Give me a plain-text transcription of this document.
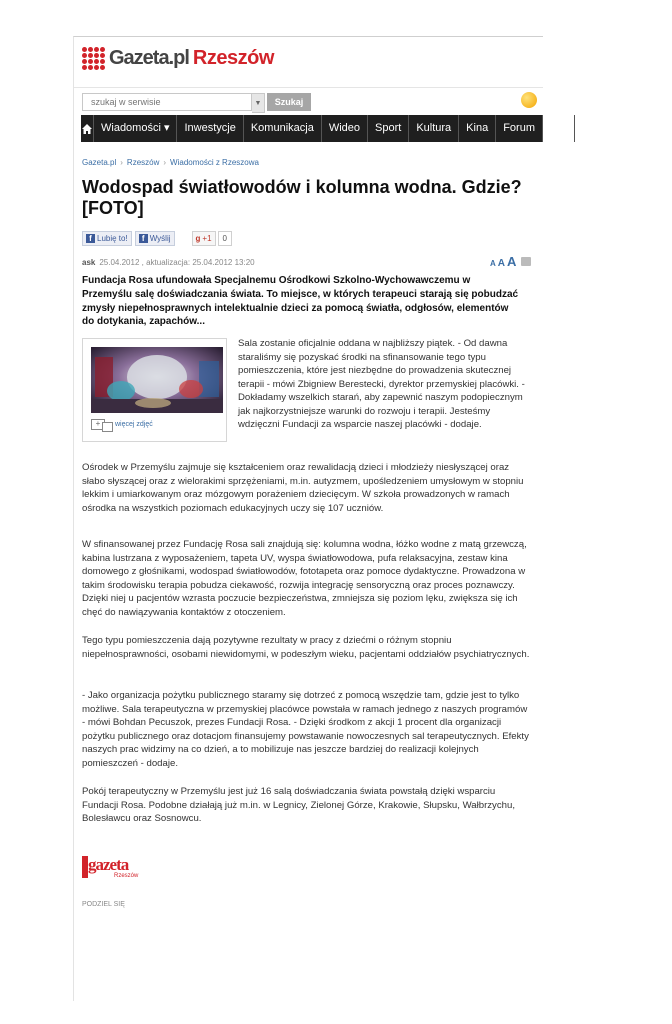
Gazeta.pl Rzeszów
szukaj w serwisie
▼	Szukaj
Wiadomości ▾	Inwestycje	Komunikacja	Wideo	Sport	Kultura	Kina	Forum	Ogł
Gazeta.pl › Rzeszów › Wiadomości z Rzeszowa
Wodospad światłowodów i kolumna wodna. Gdzie? [FOTO]
f Lubię to!	f Wyślij	g +1	0
ask 25.04.2012 , aktualizacja: 25.04.2012 13:20	A A A

Fundacja Rosa ufundowała Specjalnemu Ośrodkowi Szkolno-Wychowawczemu w Przemyślu salę doświadczania świata. To miejsce, w których terapeuci starają się pobudzać zmysły niepełnosprawnych intelektualnie dzieci za pomocą światła, odgłosów, elementów do dotykania, zapachów...

+	więcej zdjęć

Sala zostanie oficjalnie oddana w najbliższy piątek. - Od dawna staraliśmy się pozyskać środki na sfinansowanie tego typu pomieszczenia, które jest niezbędne do prowadzenia skutecznej terapii - mówi Zbigniew Berestecki, dyrektor przemyskiej placówki. - Dokładamy wszelkich starań, aby zapewnić naszym podopiecznym jak najkorzystniejsze warunki do rozwoju i terapii. Jesteśmy wdzięczni Fundacji za wsparcie naszej placówki - dodaje.

Ośrodek w Przemyślu zajmuje się kształceniem oraz rewalidacją dzieci i młodzieży niesłyszącej oraz słabo słyszącej oraz z wielorakimi sprzężeniami, m.in. autyzmem, upośledzeniem umysłowym w stopniu lekkim i umiarkowanym oraz mózgowym porażeniem dziecięcym. W szkoła prowadzonych w ramach ośrodka na wszystkich poziomach edukacyjnych uczy się 107 uczniów.

W sfinansowanej przez Fundację Rosa sali znajdują się: kolumna wodna, łóżko wodne z matą grzewczą, kabina lustrzana z wyposażeniem, tapeta UV, wyspa światłowodowa, pufa relaksacyjna, zestaw kina domowego z głośnikami, wodospad światłowodów, fototapeta oraz pomoce dydaktyczne. Prowadzona w takim środowisku terapia pobudza ciekawość, rozwija integrację sensoryczną oraz proces poznawczy. Dzięki niej u pacjentów wzrasta poczucie bezpieczeństwa, zmniejsza się poziom lęku, zwiększa się ich chęć do nawiązywania kontaktów z otoczeniem.

Tego typu pomieszczenia dają pozytywne rezultaty w pracy z dziećmi o różnym stopniu niepełnosprawności, osobami niewidomymi, w podeszłym wieku, pacjentami oddziałów psychiatrycznych.

- Jako organizacja pożytku publicznego staramy się dotrzeć z pomocą wszędzie tam, gdzie jest to tylko możliwe. Sala terapeutyczna w przemyskiej placówce powstała w ramach jednego z naszych programów - mówi Bohdan Pecuszok, prezes Fundacji Rosa. - Dzięki środkom z akcji 1 procent dla organizacji pożytku publicznego oraz dotacjom finansujemy powstawanie nowoczesnych sal terapeutycznych. Efekty naszych prac widzimy na co dzień, a to mobilizuje nas jeszcze bardziej do realizacji kolejnych pomieszczeń - dodaje.

Pokój terapeutyczny w Przemyślu jest już 16 salą doświadczania świata powstałą dzięki wsparciu Fundacji Rosa. Podobne działają już m.in. w Legnicy, Zielonej Górze, Krakowie, Słupsku, Wałbrzychu, Bolesławcu oraz Sosnowcu.

gazeta
Rzeszów
PODZIEL SIĘ
